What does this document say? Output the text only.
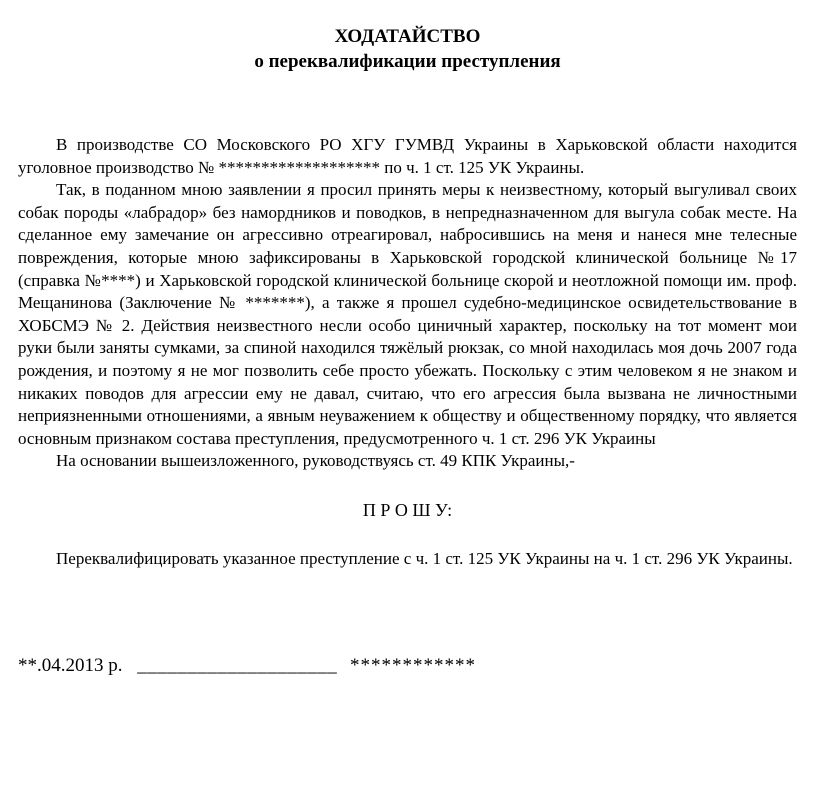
ХОДАТАЙСТВО
о переквалификации преступления

В производстве СО Московского РО ХГУ ГУМВД Украины в Харьковской области находится уголовное производство № ******************* по ч. 1 ст. 125 УК Украины.

Так, в поданном мною заявлении я просил принять меры к неизвестному, который выгуливал своих собак породы «лабрадор» без намордников и поводков, в непредназначенном для выгула собак месте. На сделанное ему замечание он агрессивно отреагировал, набросившись на меня и нанеся мне телесные повреждения, которые мною зафиксированы в Харьковской городской клинической больнице №17 (справка №****) и Харьковской городской клинической больнице скорой и неотложной помощи им. проф. Мещанинова (Заключение № *******), а также я прошел судебно-медицинское освидетельствование в ХОБСМЭ № 2. Действия неизвестного несли особо циничный характер, поскольку на тот момент мои руки были заняты сумками, за спиной находился тяжёлый рюкзак, со мной находилась моя дочь 2007 года рождения, и поэтому я не мог позволить себе просто убежать. Поскольку с этим человеком я не знаком и никаких поводов для агрессии ему не давал, считаю, что его агрессия была вызвана не личностными неприязненными отношениями, а явным неуважением к обществу и общественному порядку, что является основным признаком состава преступления, предусмотренного ч. 1 ст. 296 УК Украины

На основании вышеизложенного, руководствуясь ст. 49 КПК Украины,-

П Р О Ш У:

Переквалифицировать указанное преступление с ч. 1 ст. 125 УК Украины на ч. 1 ст. 296 УК Украины.

**.04.2013 р. ____________________ ************
